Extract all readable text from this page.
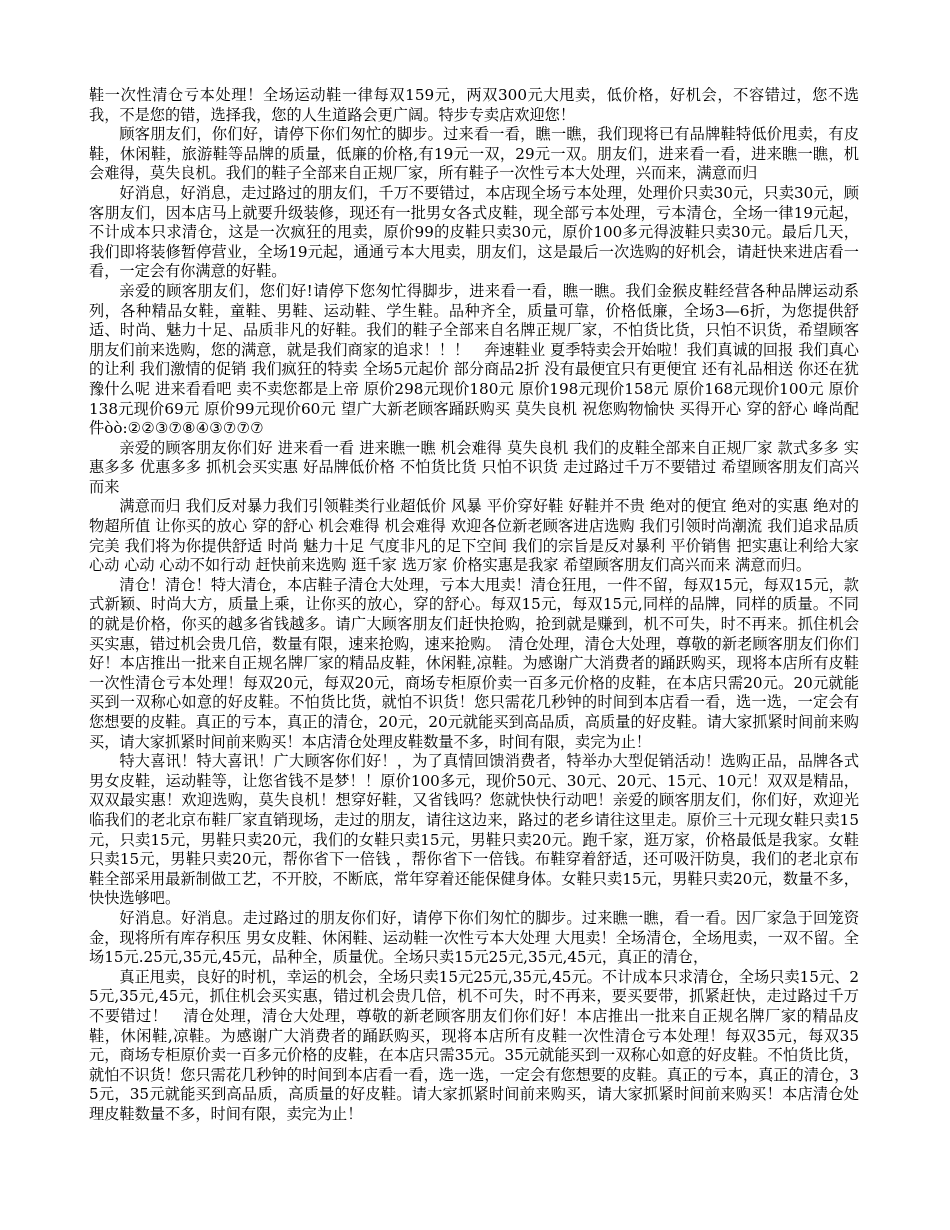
鞋一次性清仓亏本处理！全场运动鞋一律每双159元，两双300元大甩卖，低价格，好机会，不容错过，您不选我，不是您的错，选择我，您的人生道路会更广阔。特步专卖店欢迎您！

顾客朋友们，你们好，请停下你们匆忙的脚步。过来看一看，瞧一瞧，我们现将已有品牌鞋特低价甩卖，有皮鞋，休闲鞋，旅游鞋等品牌的质量，低廉的价格,有19元一双，29元一双。朋友们，进来看一看，进来瞧一瞧，机会难得，莫失良机。我们的鞋子全部来自正规厂家，所有鞋子一次性亏本大处理，兴而来，满意而归

好消息，好消息，走过路过的朋友们，千万不要错过，本店现全场亏本处理，处理价只卖30元，只卖30元，顾客朋友们，因本店马上就要升级装修，现还有一批男女各式皮鞋，现全部亏本处理，亏本清仓，全场一律19元起，不计成本只求清仓，这是一次疯狂的甩卖，原价99的皮鞋只卖30元，原价100多元得波鞋只卖30元。最后几天，我们即将装修暂停营业，全场19元起，通通亏本大甩卖，朋友们，这是最后一次选购的好机会，请赶快来进店看一看，一定会有你满意的好鞋。

亲爱的顾客朋友们，您们好!请停下您匆忙得脚步，进来看一看，瞧一瞧。我们金猴皮鞋经营各种品牌运动系列，各种精品女鞋，童鞋、男鞋、运动鞋、学生鞋。品种齐全，质量可靠，价格低廉，全场3—6折，为您提供舒适、时尚、魅力十足、品质非凡的好鞋。我们的鞋子全部来自名牌正规厂家，不怕货比货，只怕不识货，希望顾客朋友们前来选购，您的满意，就是我们商家的追求！！！　奔速鞋业 夏季特卖会开始啦！我们真诚的回报 我们真心的让利 我们激情的促销 我们疯狂的特卖 全场5元起价 部分商品2折 没有最便宜只有更便宜 还有礼品相送 你还在犹豫什么呢 进来看看吧 卖不卖您都是上帝 原价298元现价180元 原价198元现价158元 原价168元现价100元 原价138元现价69元 原价99元现价60元 望广大新老顾客踊跃购买 莫失良机 祝您购物愉快 买得开心 穿的舒心 峰尚配件òò:②②③⑦⑧④③⑦⑦⑦

亲爱的顾客朋友你们好 进来看一看 进来瞧一瞧 机会难得 莫失良机 我们的皮鞋全部来自正规厂家 款式多多 实惠多多 优惠多多 抓机会买实惠 好品牌低价格 不怕货比货 只怕不识货 走过路过千万不要错过 希望顾客朋友们高兴而来

满意而归 我们反对暴力我们引领鞋类行业超低价 风暴 平价穿好鞋 好鞋并不贵 绝对的便宜 绝对的实惠 绝对的物超所值 让你买的放心 穿的舒心 机会难得 机会难得 欢迎各位新老顾客进店选购 我们引领时尚潮流 我们追求品质完美 我们将为你提供舒适 时尚 魅力十足 气度非凡的足下空间 我们的宗旨是反对暴利 平价销售 把实惠让利给大家 心动 心动 心动不如行动 赶快前来选购 逛千家 选万家 价格实惠是我家 希望顾客朋友们高兴而来 满意而归。

清仓！清仓！特大清仓，本店鞋子清仓大处理，亏本大甩卖！清仓狂甩，一件不留，每双15元，每双15元，款式新颖、时尚大方，质量上乘，让你买的放心，穿的舒心。每双15元，每双15元,同样的品牌，同样的质量。不同的就是价格，你买的越多省钱越多。请广大顾客朋友们赶快抢购，抢到就是赚到，机不可失，时不再来。抓住机会买实惠，错过机会贵几倍，数量有限，速来抢购，速来抢购。　清仓处理，清仓大处理，尊敬的新老顾客朋友们你们好！本店推出一批来自正规名牌厂家的精品皮鞋，休闲鞋,凉鞋。为感谢广大消费者的踊跃购买，现将本店所有皮鞋一次性清仓亏本处理！每双20元，每双20元，商场专柜原价卖一百多元价格的皮鞋，在本店只需20元。20元就能买到一双称心如意的好皮鞋。不怕货比货，就怕不识货！您只需花几秒钟的时间到本店看一看，选一选，一定会有您想要的皮鞋。真正的亏本，真正的清仓，20元，20元就能买到高品质，高质量的好皮鞋。请大家抓紧时间前来购买，请大家抓紧时间前来购买！本店清仓处理皮鞋数量不多，时间有限，卖完为止！

特大喜讯！特大喜讯！广大顾客你们好！，为了真情回馈消费者，特举办大型促销活动！选购正品，品牌各式男女皮鞋，运动鞋等，让您省钱不是梦！！原价100多元，现价50元、30元、20元、15元、10元！双双是精品，双双最实惠！欢迎选购，莫失良机！想穿好鞋，又省钱吗？您就快快行动吧！亲爱的顾客朋友们，你们好，欢迎光临我们的老北京布鞋厂家直销现场，走过的朋友，请往这边来，路过的老乡请往这里走。原价三十元现女鞋只卖15元，只卖15元，男鞋只卖20元，我们的女鞋只卖15元，男鞋只卖20元。跑千家，逛万家，价格最低是我家。女鞋只卖15元，男鞋只卖20元，帮你省下一倍钱 ，帮你省下一倍钱。布鞋穿着舒适，还可吸汗防臭，我们的老北京布鞋全部采用最新制做工艺，不开胶，不断底，常年穿着还能保健身体。女鞋只卖15元，男鞋只卖20元，数量不多，快快选够吧。

好消息。好消息。走过路过的朋友你们好，请停下你们匆忙的脚步。过来瞧一瞧，看一看。因厂家急于回笼资金，现将所有库存积压 男女皮鞋、休闲鞋、运动鞋一次性亏本大处理 大甩卖！全场清仓，全场甩卖，一双不留。全场15元.25元,35元,45元，品种全，质量优。全场只卖15元25元,35元,45元，真正的清仓，

真正甩卖，良好的时机，幸运的机会，全场只卖15元25元,35元,45元。不计成本只求清仓，全场只卖15元、25元,35元,45元，抓住机会买实惠，错过机会贵几倍，机不可失，时不再来，要买要带，抓紧赶快，走过路过千万不要错过！　清仓处理，清仓大处理，尊敬的新老顾客朋友们你们好！本店推出一批来自正规名牌厂家的精品皮鞋，休闲鞋,凉鞋。为感谢广大消费者的踊跃购买，现将本店所有皮鞋一次性清仓亏本处理！每双35元，每双35元，商场专柜原价卖一百多元价格的皮鞋，在本店只需35元。35元就能买到一双称心如意的好皮鞋。不怕货比货，就怕不识货！您只需花几秒钟的时间到本店看一看，选一选，一定会有您想要的皮鞋。真正的亏本，真正的清仓，35元，35元就能买到高品质，高质量的好皮鞋。请大家抓紧时间前来购买，请大家抓紧时间前来购买！本店清仓处理皮鞋数量不多，时间有限，卖完为止！
